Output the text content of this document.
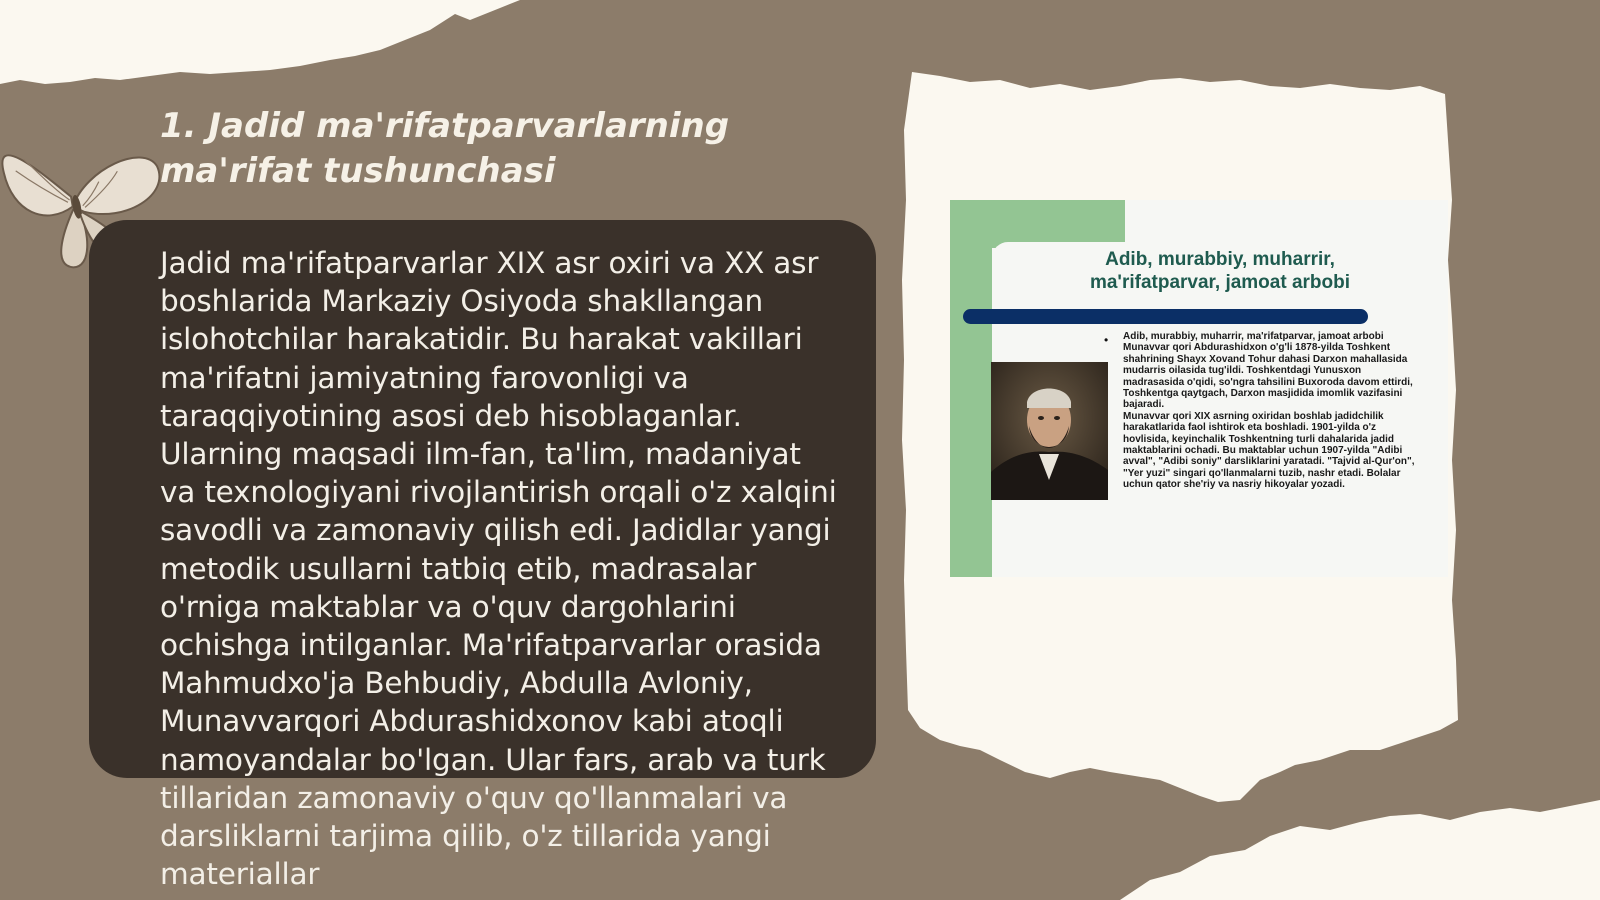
1. Jadid ma'rifatparvarlarning ma'rifat tushunchasi

Jadid ma'rifatparvarlar XIX asr oxiri va XX asr boshlarida Markaziy Osiyoda shakllangan islohotchilar harakatidir. Bu harakat vakillari ma'rifatni jamiyatning farovonligi va taraqqiyotining asosi deb hisoblaganlar. Ularning maqsadi ilm-fan, ta'lim, madaniyat va texnologiyani rivojlantirish orqali o'z xalqini savodli va zamonaviy qilish edi. Jadidlar yangi metodik usullarni tatbiq etib, madrasalar o'rniga maktablar va o'quv dargohlarini ochishga intilganlar. Ma'rifatparvarlar orasida Mahmudxo'ja Behbudiy, Abdulla Avloniy, Munavvarqori Abdurashidxonov kabi atoqli namoyandalar bo'lgan. Ular fars, arab va turk tillaridan zamonaviy o'quv qo'llanmalari va darsliklarni tarjima qilib, o'z tillarida yangi materiallar

Adib, murabbiy, muharrir,
ma'rifatparvar, jamoat arbobi
• Adib, murabbiy, muharrir, ma'rifatparvar, jamoat arbobi Munavvar qori Abdurashidxon o'g'li 1878-yilda Toshkent shahrining Shayx Xovand Tohur dahasi Darxon mahallasida mudarris oilasida tug'ildi. Toshkentdagi Yunusxon madrasasida o'qidi, so'ngra tahsilini Buxoroda davom ettirdi, Toshkentga qaytgach, Darxon masjidida imomlik vazifasini bajaradi.

Munavvar qori XIX asrning oxiridan boshlab jadidchilik harakatlarida faol ishtirok eta boshladi. 1901-yilda o'z hovlisida, keyinchalik Toshkentning turli dahalarida jadid maktablarini ochadi. Bu maktablar uchun 1907-yilda "Adibi avval", "Adibi soniy" darsliklarini yaratadi. "Tajvid al-Qur'on", "Yer yuzi" singari qo'llanmalarni tuzib, nashr etadi. Bolalar uchun qator she'riy va nasriy hikoyalar yozadi.
